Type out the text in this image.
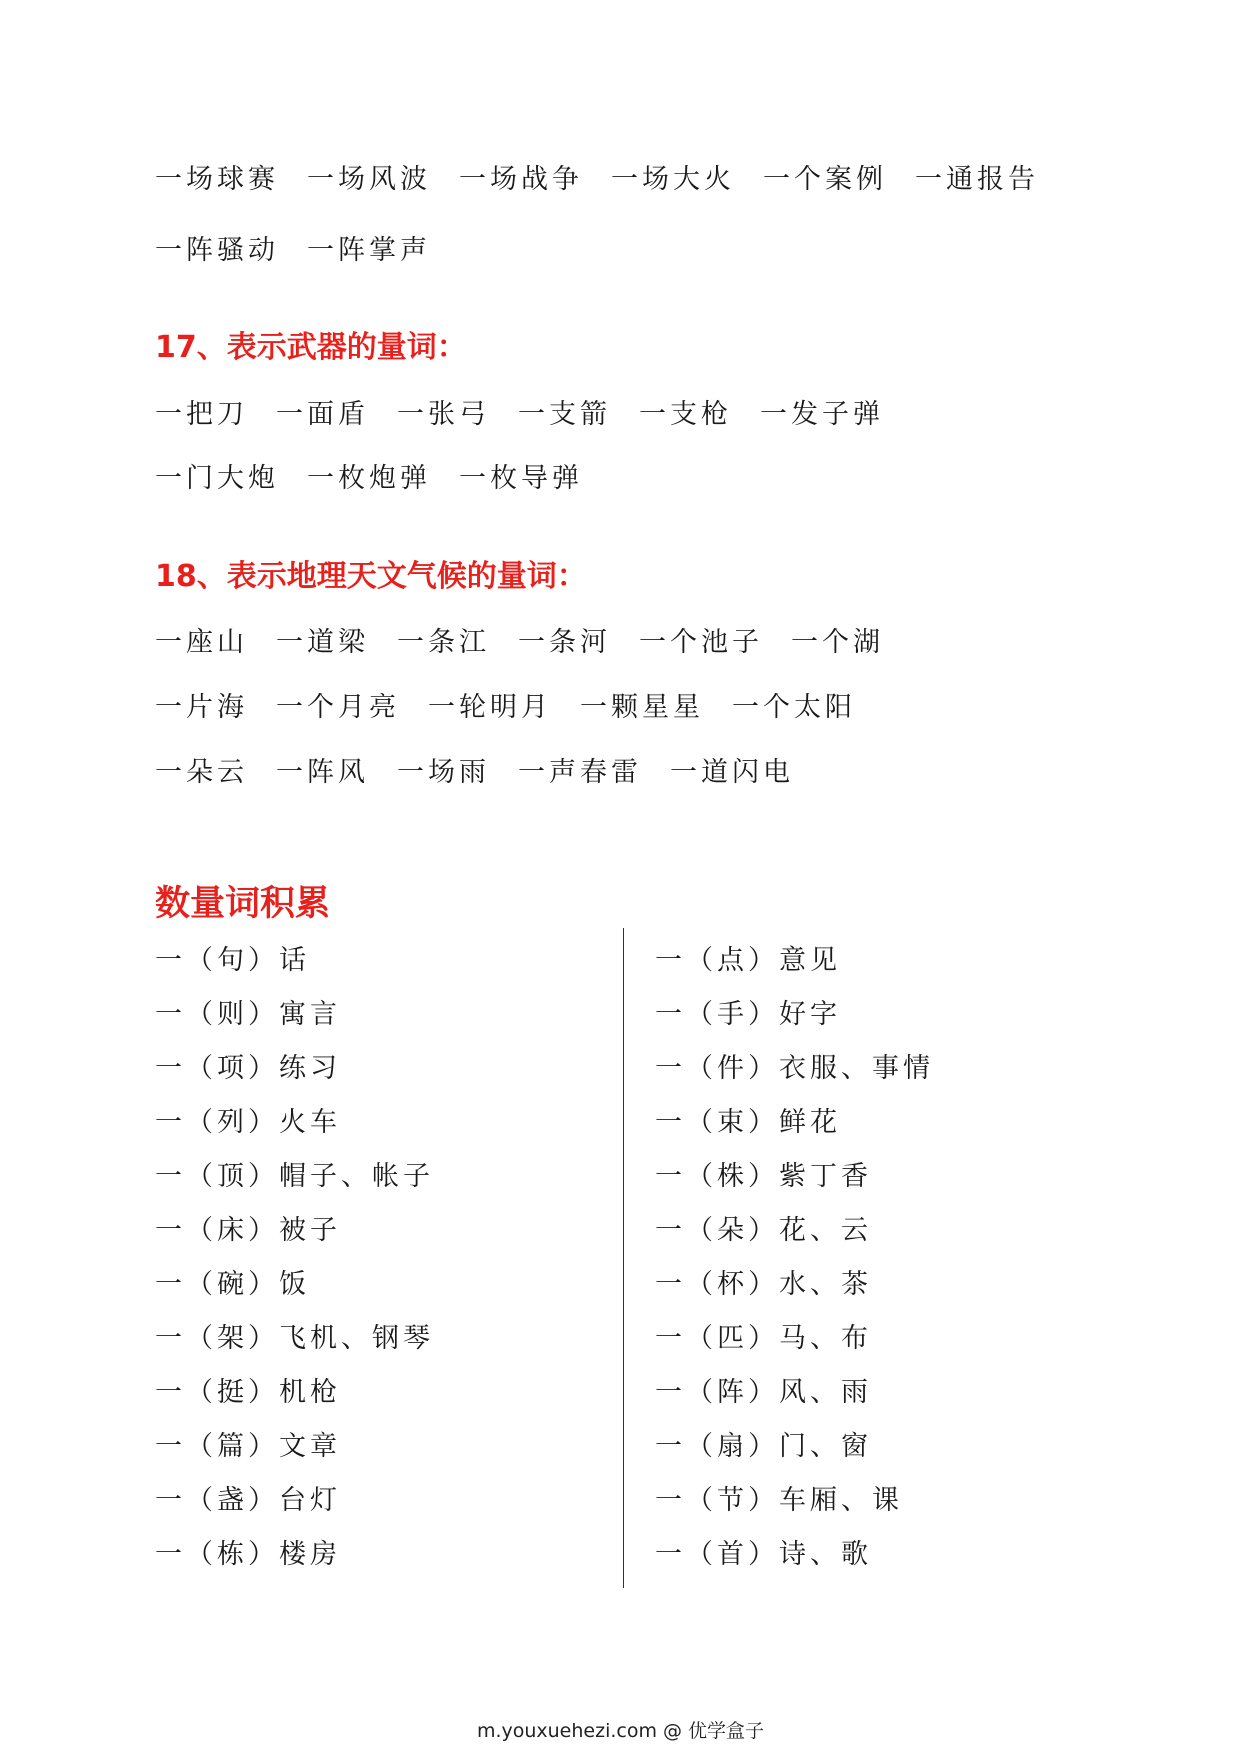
一场球赛 一场风波 一场战争 一场大火 一个案例 一通报告
一阵骚动 一阵掌声
17、表示武器的量词：
一把刀 一面盾 一张弓 一支箭 一支枪 一发子弹
一门大炮 一枚炮弹 一枚导弹
18、表示地理天文气候的量词：
一座山 一道梁 一条江 一条河 一个池子 一个湖
一片海 一个月亮 一轮明月 一颗星星 一个太阳
一朵云 一阵风 一场雨 一声春雷 一道闪电
数量词积累
一（句）话
一（则）寓言
一（项）练习
一（列）火车
一（顶）帽子、帐子
一（床）被子
一（碗）饭
一（架）飞机、钢琴
一（挺）机枪
一（篇）文章
一（盏）台灯
一（栋）楼房
一（点）意见
一（手）好字
一（件）衣服、事情
一（束）鲜花
一（株）紫丁香
一（朵）花、云
一（杯）水、茶
一（匹）马、布
一（阵）风、雨
一（扇）门、窗
一（节）车厢、课
一（首）诗、歌
m.youxuehezi.com @ 优学盒子
